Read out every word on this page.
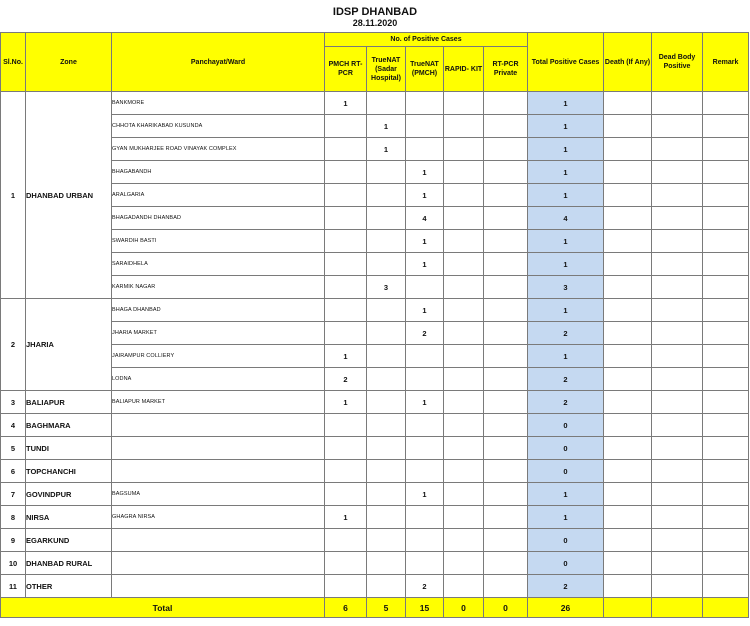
IDSP DHANBAD
28.11.2020
Sl.No.	Zone	Panchayat/Ward	No. of Positive Cases					Total Positive Cases	Death (If Any)	Dead Body Positive	Remark
			PMCH RT-PCR	TrueNAT (Sadar Hospital)	TrueNAT (PMCH)	RAPID- KIT	RT-PCR Private				
1	DHANBAD URBAN	BANKMORE	1					1			
		CHHOTA KHARIKABAD KUSUNDA		1				1			
		GYAN MUKHARJEE ROAD VINAYAK COMPLEX		1				1			
		BHAGABANDH			1			1			
		ARALGARIA			1			1			
		BHAGADANDH DHANBAD			4			4			
		SWARDIH BASTI			1			1			
		SARAIDHELA			1			1			
		KARMIK NAGAR		3				3			
2	JHARIA	BHAGA DHANBAD			1			1			
		JHARIA MARKET			2			2			
		JAIRAMPUR COLLIERY	1					1			
		LODNA	2					2			
3	BALIAPUR	BALIAPUR MARKET	1		1			2			
4	BAGHMARA							0			
5	TUNDI							0			
6	TOPCHANCHI							0			
7	GOVINDPUR	BAGSUMA			1			1			
8	NIRSA	GHAGRA NIRSA	1					1			
9	EGARKUND							0			
10	DHANBAD RURAL							0			
11	OTHER				2			2			
Total			6	5	15	0	0	26			
